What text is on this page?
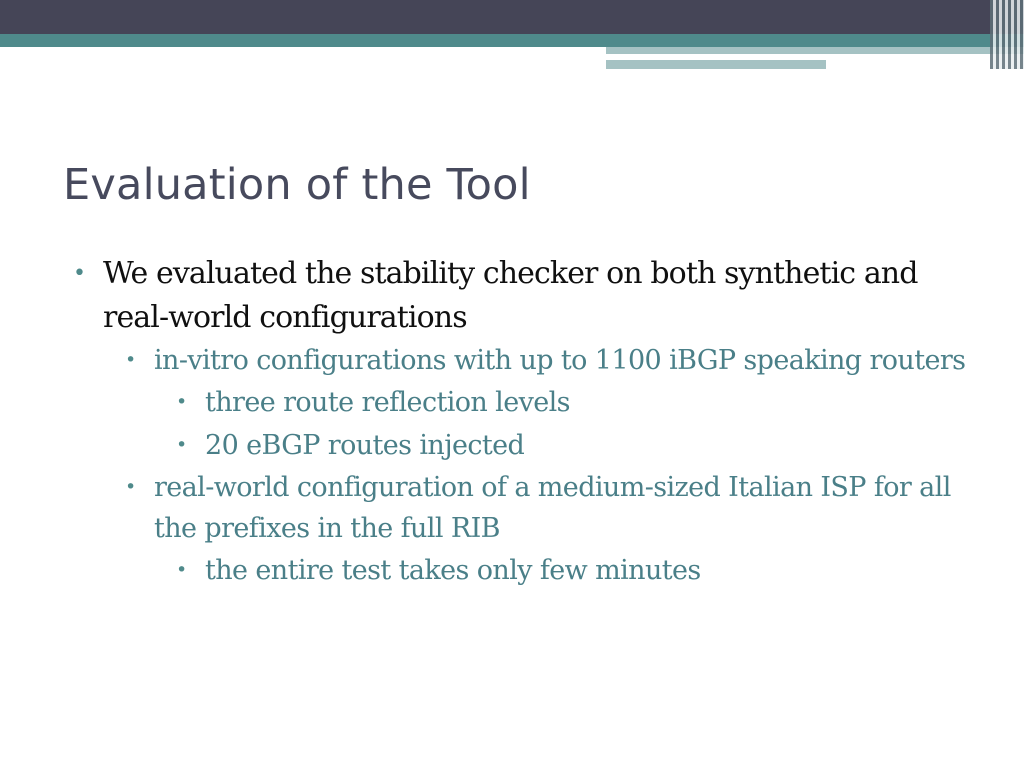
Evaluation of the Tool

• We evaluated the stability checker on both synthetic and real-world configurations

• in-vitro configurations with up to 1100 iBGP speaking routers

• three route reflection levels

• 20 eBGP routes injected

• real-world configuration of a medium-sized Italian ISP for all the prefixes in the full RIB

• the entire test takes only few minutes
